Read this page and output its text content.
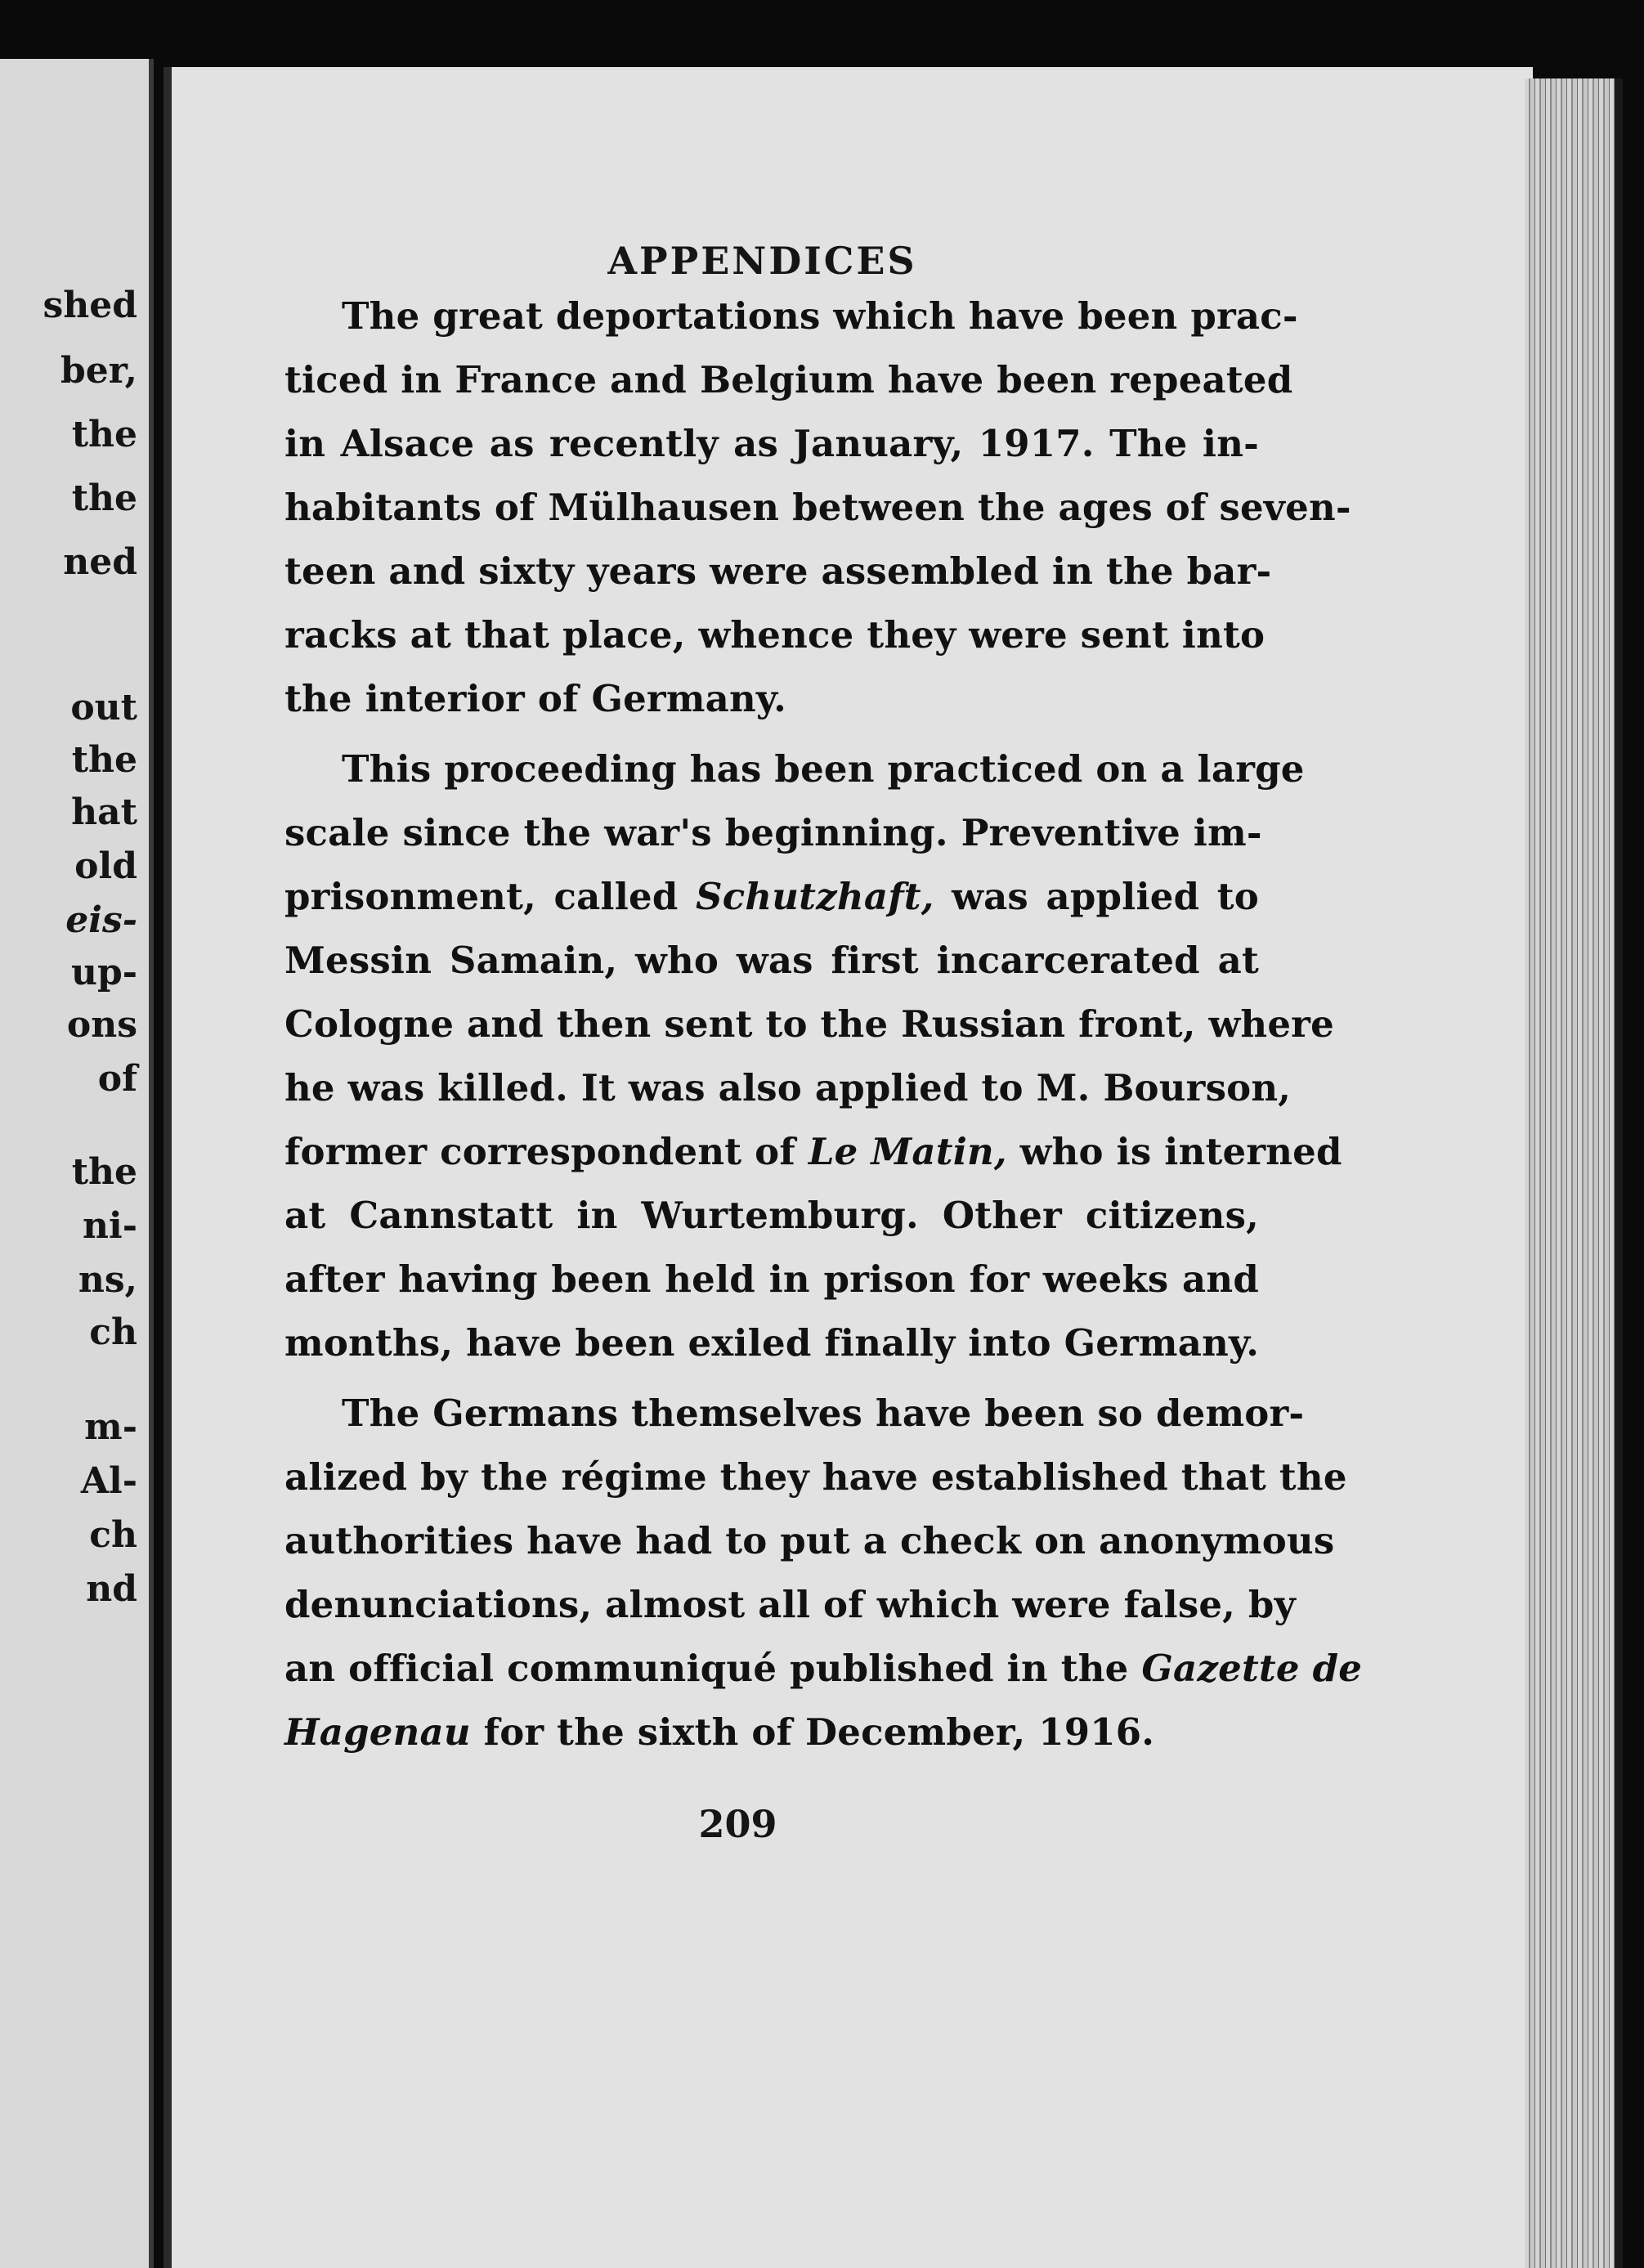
shed
ber,
the
the
ned
out
the
hat
old
eis-
up-
ons
of
the
ni-
ns,
ch
m-
Al-
ch
nd
APPENDICES
209
The great deportations which have been prac-
ticed in France and Belgium have been repeated
in Alsace as recently as January, 1917. The in-
habitants of Mülhausen between the ages of seven-
teen and sixty years were assembled in the bar-
racks at that place, whence they were sent into
the interior of Germany.
This proceeding has been practiced on a large
scale since the war's beginning. Preventive im-
prisonment, called Schutzhaft, was applied to
Messin Samain, who was first incarcerated at
Cologne and then sent to the Russian front, where
he was killed. It was also applied to M. Bourson,
former correspondent of Le Matin, who is interned
at Cannstatt in Wurtemburg. Other citizens,
after having been held in prison for weeks and
months, have been exiled finally into Germany.
The Germans themselves have been so demor-
alized by the régime they have established that the
authorities have had to put a check on anonymous
denunciations, almost all of which were false, by
an official communiqué published in the Gazette de
Hagenau for the sixth of December, 1916.
